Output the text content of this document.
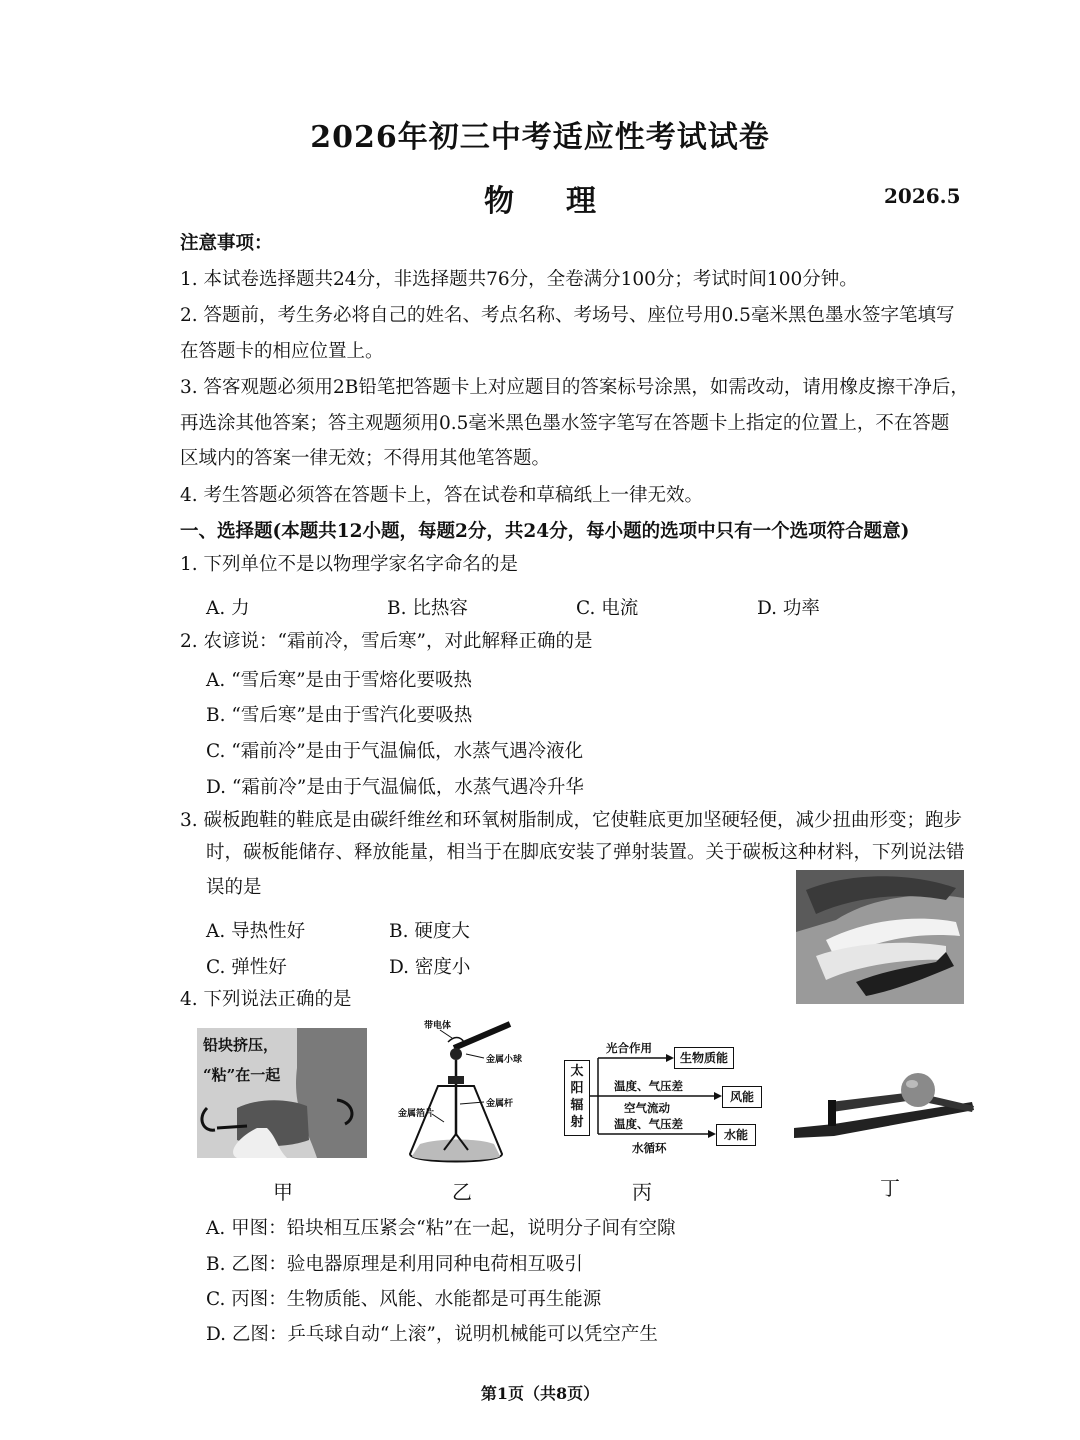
2026年初三中考适应性考试试卷
物 理	2026.5
注意事项：
1. 本试卷选择题共24分，非选择题共76分，全卷满分100分；考试时间100分钟。
2. 答题前，考生务必将自己的姓名、考点名称、考场号、座位号用0.5毫米黑色墨水签字笔填写
在答题卡的相应位置上。
3. 答客观题必须用2B铅笔把答题卡上对应题目的答案标号涂黑，如需改动，请用橡皮擦干净后，
再选涂其他答案；答主观题须用0.5毫米黑色墨水签字笔写在答题卡上指定的位置上，不在答题
区域内的答案一律无效；不得用其他笔答题。
4. 考生答题必须答在答题卡上，答在试卷和草稿纸上一律无效。
一、选择题(本题共12小题，每题2分，共24分，每小题的选项中只有一个选项符合题意)
1. 下列单位不是以物理学家名字命名的是
A. 力	B. 比热容	C. 电流	D. 功率
2. 农谚说：“霜前冷，雪后寒”，对此解释正确的是
A. “雪后寒”是由于雪熔化要吸热
B. “雪后寒”是由于雪汽化要吸热
C. “霜前冷”是由于气温偏低，水蒸气遇冷液化
D. “霜前冷”是由于气温偏低，水蒸气遇冷升华
3. 碳板跑鞋的鞋底是由碳纤维丝和环氧树脂制成，它使鞋底更加坚硬轻便，减少扭曲形变；跑步
时，碳板能储存、释放能量，相当于在脚底安装了弹射装置。关于碳板这种材料，下列说法错
误的是
A. 导热性好	B. 硬度大
C. 弹性好	D. 密度小
4. 下列说法正确的是
铅块挤压，
“粘”在一起
带电体
金属小球
金属杆
金属箔片
太阳辐射
光合作用
生物质能
温度、气压差
空气流动
风能
温度、气压差
水循环
水能
甲	乙	丙	丁
A. 甲图：铅块相互压紧会“粘”在一起，说明分子间有空隙
B. 乙图：验电器原理是利用同种电荷相互吸引
C. 丙图：生物质能、风能、水能都是可再生能源
D. 乙图：乒乓球自动“上滚”，说明机械能可以凭空产生
第1页（共8页）
